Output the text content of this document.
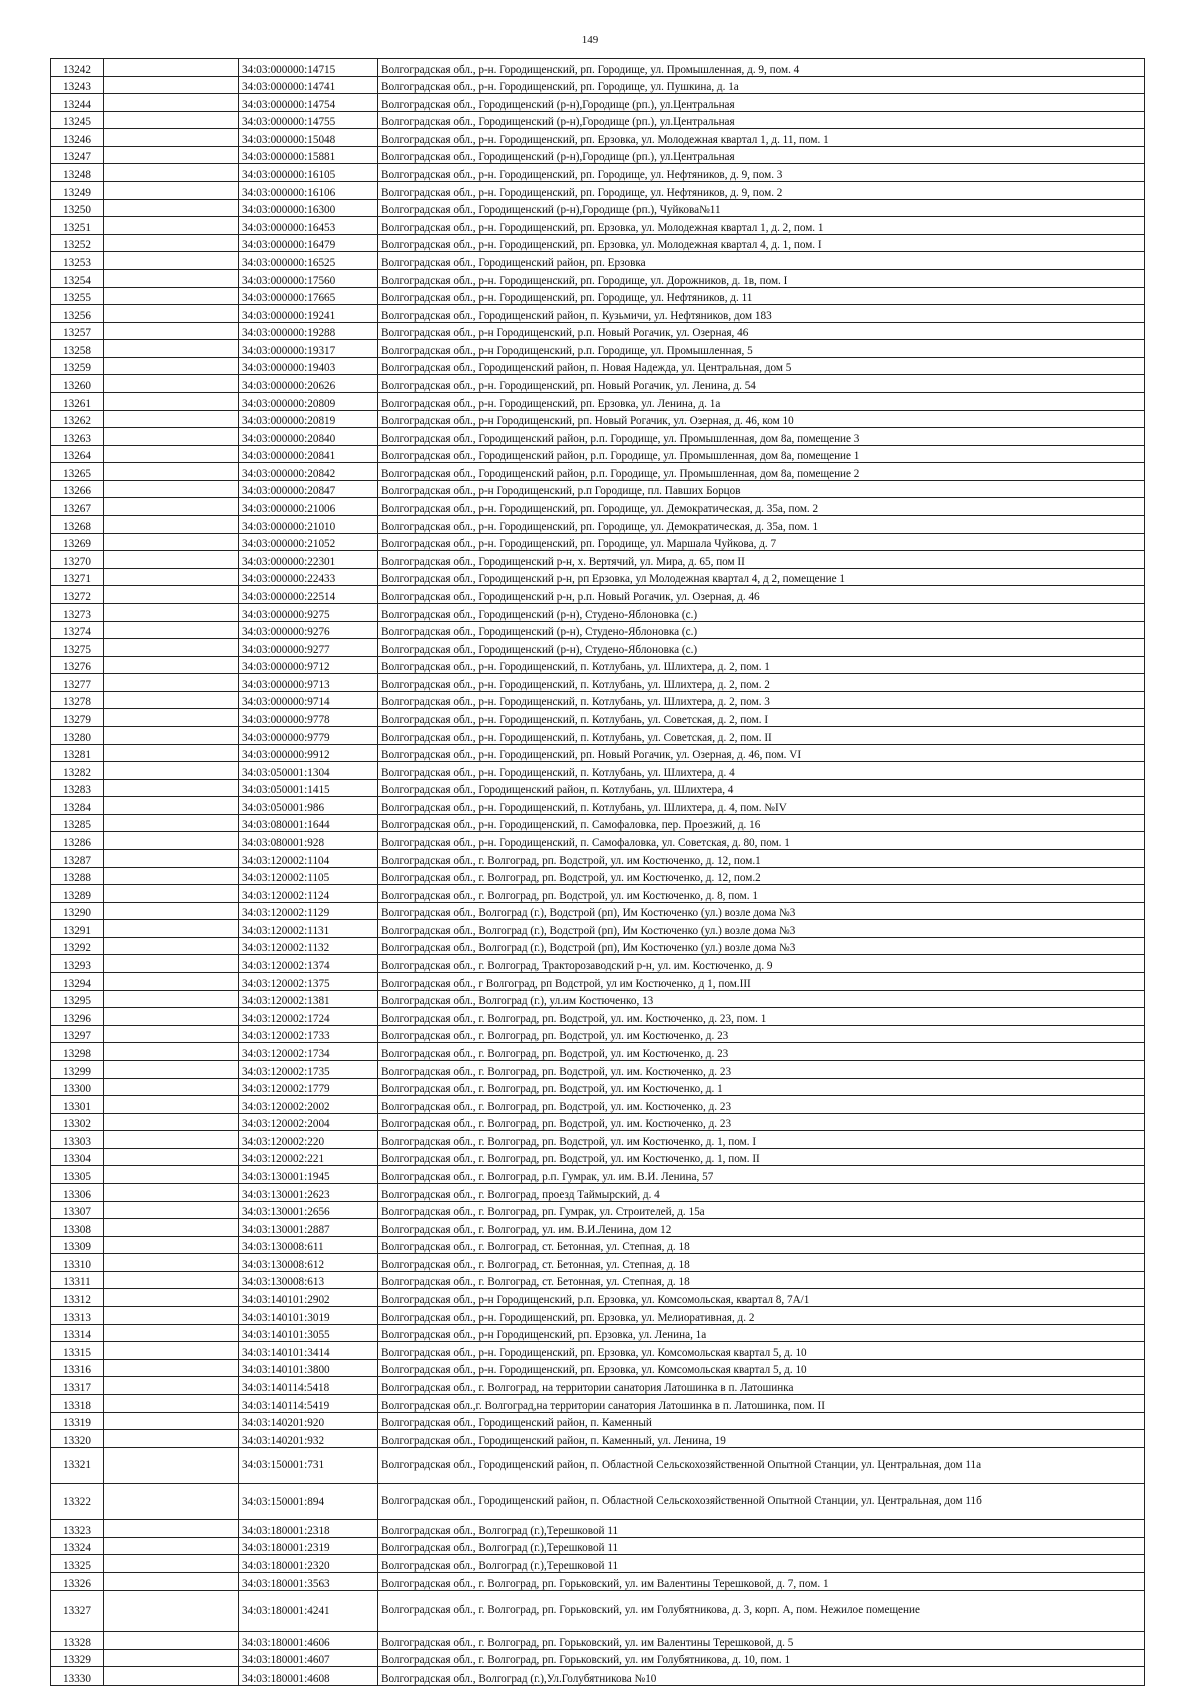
149
13242		34:03:000000:14715	Волгоградская обл., р-н. Городищенский, рп. Городище, ул. Промышленная, д. 9, пом. 4
13243		34:03:000000:14741	Волгоградская обл., р-н. Городищенский, рп. Городище, ул. Пушкина, д. 1а
13244		34:03:000000:14754	Волгоградская обл., Городищенский (р-н),Городище (рп.), ул.Центральная
13245		34:03:000000:14755	Волгоградская обл., Городищенский (р-н),Городище (рп.), ул.Центральная
13246		34:03:000000:15048	Волгоградская обл., р-н. Городищенский, рп. Ерзовка, ул. Молодежная квартал 1, д. 11, пом. 1
13247		34:03:000000:15881	Волгоградская обл., Городищенский (р-н),Городище (рп.), ул.Центральная
13248		34:03:000000:16105	Волгоградская обл., р-н. Городищенский, рп. Городище, ул. Нефтяников, д. 9, пом. 3
13249		34:03:000000:16106	Волгоградская обл., р-н. Городищенский, рп. Городище, ул. Нефтяников, д. 9, пом. 2
13250		34:03:000000:16300	Волгоградская обл., Городищенский (р-н),Городище (рп.), Чуйкова№11
13251		34:03:000000:16453	Волгоградская обл., р-н. Городищенский, рп. Ерзовка, ул. Молодежная квартал 1, д. 2, пом. 1
13252		34:03:000000:16479	Волгоградская обл., р-н. Городищенский, рп. Ерзовка, ул. Молодежная квартал 4, д. 1, пом. I
13253		34:03:000000:16525	Волгоградская обл., Городищенский район, рп. Ерзовка
13254		34:03:000000:17560	Волгоградская обл., р-н. Городищенский, рп. Городище, ул. Дорожников, д. 1в, пом. I
13255		34:03:000000:17665	Волгоградская обл., р-н. Городищенский, рп. Городище, ул. Нефтяников, д. 11
13256		34:03:000000:19241	Волгоградская обл., Городищенский район, п. Кузьмичи, ул. Нефтяников, дом 183
13257		34:03:000000:19288	Волгоградская обл., р-н Городищенский, р.п. Новый Рогачик, ул. Озерная, 46
13258		34:03:000000:19317	Волгоградская обл., р-н Городищенский, р.п. Городище, ул. Промышленная, 5
13259		34:03:000000:19403	Волгоградская обл., Городищенский район, п. Новая Надежда, ул. Центральная, дом 5
13260		34:03:000000:20626	Волгоградская обл., р-н. Городищенский, рп. Новый Рогачик, ул. Ленина, д. 54
13261		34:03:000000:20809	Волгоградская обл., р-н. Городищенский, рп. Ерзовка, ул. Ленина, д. 1а
13262		34:03:000000:20819	Волгоградская обл., р-н Городищенский, рп. Новый Рогачик, ул. Озерная, д. 46, ком 10
13263		34:03:000000:20840	Волгоградская обл., Городищенский район, р.п. Городище, ул. Промышленная, дом 8а, помещение 3
13264		34:03:000000:20841	Волгоградская обл., Городищенский район, р.п. Городище, ул. Промышленная, дом 8а, помещение 1
13265		34:03:000000:20842	Волгоградская обл., Городищенский район, р.п. Городище, ул. Промышленная, дом 8а, помещение 2
13266		34:03:000000:20847	Волгоградская обл., р-н Городищенский, р.п Городище, пл. Павших Борцов
13267		34:03:000000:21006	Волгоградская обл., р-н. Городищенский, рп. Городище, ул. Демократическая, д. 35а, пом. 2
13268		34:03:000000:21010	Волгоградская обл., р-н. Городищенский, рп. Городище, ул. Демократическая, д. 35а, пом. 1
13269		34:03:000000:21052	Волгоградская обл., р-н. Городищенский, рп. Городище, ул. Маршала Чуйкова, д. 7
13270		34:03:000000:22301	Волгоградская обл., Городищенский р-н, х. Вертячий, ул. Мира, д. 65, пом II
13271		34:03:000000:22433	Волгоградская обл., Городищенский р-н, рп Ерзовка, ул Молодежная квартал 4, д 2, помещение 1
13272		34:03:000000:22514	Волгоградская обл., Городищенский р-н, р.п. Новый Рогачик, ул. Озерная, д. 46
13273		34:03:000000:9275	Волгоградская обл., Городищенский (р-н), Студено-Яблоновка (с.)
13274		34:03:000000:9276	Волгоградская обл., Городищенский (р-н), Студено-Яблоновка (с.)
13275		34:03:000000:9277	Волгоградская обл., Городищенский (р-н), Студено-Яблоновка (с.)
13276		34:03:000000:9712	Волгоградская обл., р-н. Городищенский, п. Котлубань, ул. Шлихтера, д. 2, пом. 1
13277		34:03:000000:9713	Волгоградская обл., р-н. Городищенский, п. Котлубань, ул. Шлихтера, д. 2, пом. 2
13278		34:03:000000:9714	Волгоградская обл., р-н. Городищенский, п. Котлубань, ул. Шлихтера, д. 2, пом. 3
13279		34:03:000000:9778	Волгоградская обл., р-н. Городищенский, п. Котлубань, ул. Советская, д. 2, пом. I
13280		34:03:000000:9779	Волгоградская обл., р-н. Городищенский, п. Котлубань, ул. Советская, д. 2, пом. II
13281		34:03:000000:9912	Волгоградская обл., р-н. Городищенский, рп. Новый Рогачик, ул. Озерная, д. 46, пом. VI
13282		34:03:050001:1304	Волгоградская обл., р-н. Городищенский, п. Котлубань, ул. Шлихтера, д. 4
13283		34:03:050001:1415	Волгоградская обл., Городищенский район, п. Котлубань, ул. Шлихтера, 4
13284		34:03:050001:986	Волгоградская обл., р-н. Городищенский, п. Котлубань, ул. Шлихтера, д. 4, пом. №IV
13285		34:03:080001:1644	Волгоградская обл., р-н. Городищенский, п. Самофаловка, пер. Проезжий, д. 16
13286		34:03:080001:928	Волгоградская обл., р-н. Городищенский, п. Самофаловка, ул. Советская, д. 80, пом. 1
13287		34:03:120002:1104	Волгоградская обл., г. Волгоград, рп. Водстрой, ул. им Костюченко, д. 12, пом.1
13288		34:03:120002:1105	Волгоградская обл., г. Волгоград, рп. Водстрой, ул. им Костюченко, д. 12, пом.2
13289		34:03:120002:1124	Волгоградская обл., г. Волгоград, рп. Водстрой, ул. им Костюченко, д. 8, пом. 1
13290		34:03:120002:1129	Волгоградская обл., Волгоград (г.), Водстрой (рп), Им Костюченко (ул.) возле дома №3
13291		34:03:120002:1131	Волгоградская обл., Волгоград (г.), Водстрой (рп), Им Костюченко (ул.) возле дома №3
13292		34:03:120002:1132	Волгоградская обл., Волгоград (г.), Водстрой (рп), Им Костюченко (ул.) возле дома №3
13293		34:03:120002:1374	Волгоградская обл., г. Волгоград, Тракторозаводский р-н, ул. им. Костюченко, д. 9
13294		34:03:120002:1375	Волгоградская обл., г Волгоград, рп Водстрой, ул им Костюченко, д 1, пом.III
13295		34:03:120002:1381	Волгоградская обл., Волгоград (г.), ул.им Костюченко, 13
13296		34:03:120002:1724	Волгоградская обл., г. Волгоград, рп. Водстрой, ул. им. Костюченко, д. 23, пом. 1
13297		34:03:120002:1733	Волгоградская обл., г. Волгоград, рп. Водстрой, ул. им Костюченко, д. 23
13298		34:03:120002:1734	Волгоградская обл., г. Волгоград, рп. Водстрой, ул. им Костюченко, д. 23
13299		34:03:120002:1735	Волгоградская обл., г. Волгоград, рп. Водстрой, ул. им. Костюченко, д. 23
13300		34:03:120002:1779	Волгоградская обл., г. Волгоград, рп. Водстрой, ул. им Костюченко, д. 1
13301		34:03:120002:2002	Волгоградская обл., г. Волгоград, рп. Водстрой, ул. им. Костюченко, д. 23
13302		34:03:120002:2004	Волгоградская обл., г. Волгоград, рп. Водстрой, ул. им. Костюченко, д. 23
13303		34:03:120002:220	Волгоградская обл., г. Волгоград, рп. Водстрой, ул. им Костюченко, д. 1, пом. I
13304		34:03:120002:221	Волгоградская обл., г. Волгоград, рп. Водстрой, ул. им Костюченко, д. 1, пом. II
13305		34:03:130001:1945	Волгоградская обл., г. Волгоград, р.п. Гумрак, ул. им. В.И. Ленина, 57
13306		34:03:130001:2623	Волгоградская обл., г. Волгоград, проезд Таймырский, д. 4
13307		34:03:130001:2656	Волгоградская обл., г. Волгоград, рп. Гумрак, ул. Строителей, д. 15а
13308		34:03:130001:2887	Волгоградская обл., г. Волгоград, ул. им. В.И.Ленина, дом 12
13309		34:03:130008:611	Волгоградская обл., г. Волгоград, ст. Бетонная, ул. Степная, д. 18
13310		34:03:130008:612	Волгоградская обл., г. Волгоград, ст. Бетонная, ул. Степная, д. 18
13311		34:03:130008:613	Волгоградская обл., г. Волгоград, ст. Бетонная, ул. Степная, д. 18
13312		34:03:140101:2902	Волгоградская обл., р-н Городищенский, р.п. Ерзовка, ул. Комсомольская, квартал 8, 7А/1
13313		34:03:140101:3019	Волгоградская обл., р-н. Городищенский, рп. Ерзовка, ул. Мелиоративная, д. 2
13314		34:03:140101:3055	Волгоградская обл., р-н Городищенский, рп. Ерзовка, ул. Ленина, 1а
13315		34:03:140101:3414	Волгоградская обл., р-н. Городищенский, рп. Ерзовка, ул. Комсомольская квартал 5, д. 10
13316		34:03:140101:3800	Волгоградская обл., р-н. Городищенский, рп. Ерзовка, ул. Комсомольская квартал 5, д. 10
13317		34:03:140114:5418	Волгоградская обл., г. Волгоград, на территории санатория Латошинка в п. Латошинка
13318		34:03:140114:5419	Волгоградская обл.,г. Волгоград,на территории санатория Латошинка в п. Латошинка, пом. II
13319		34:03:140201:920	Волгоградская обл., Городищенский район, п. Каменный
13320		34:03:140201:932	Волгоградская обл., Городищенский район, п. Каменный, ул. Ленина, 19
13321		34:03:150001:731	Волгоградская обл., Городищенский район, п. Областной Сельскохозяйственной Опытной Станции, ул. Центральная, дом 11а
13322		34:03:150001:894	Волгоградская обл., Городищенский район, п. Областной Сельскохозяйственной Опытной Станции, ул. Центральная, дом 11б
13323		34:03:180001:2318	Волгоградская обл., Волгоград (г.),Терешковой 11
13324		34:03:180001:2319	Волгоградская обл., Волгоград (г.),Терешковой 11
13325		34:03:180001:2320	Волгоградская обл., Волгоград (г.),Терешковой 11
13326		34:03:180001:3563	Волгоградская обл., г. Волгоград, рп. Горьковский, ул. им Валентины Терешковой, д. 7, пом. 1
13327		34:03:180001:4241	Волгоградская обл., г. Волгоград, рп. Горьковский, ул. им Голубятникова, д. 3, корп. А, пом. Нежилое помещение
13328		34:03:180001:4606	Волгоградская обл., г. Волгоград, рп. Горьковский, ул. им Валентины Терешковой, д. 5
13329		34:03:180001:4607	Волгоградская обл., г. Волгоград, рп. Горьковский, ул. им Голубятникова, д. 10, пом. 1
13330		34:03:180001:4608	Волгоградская обл., Волгоград (г.),Ул.Голубятникова №10
